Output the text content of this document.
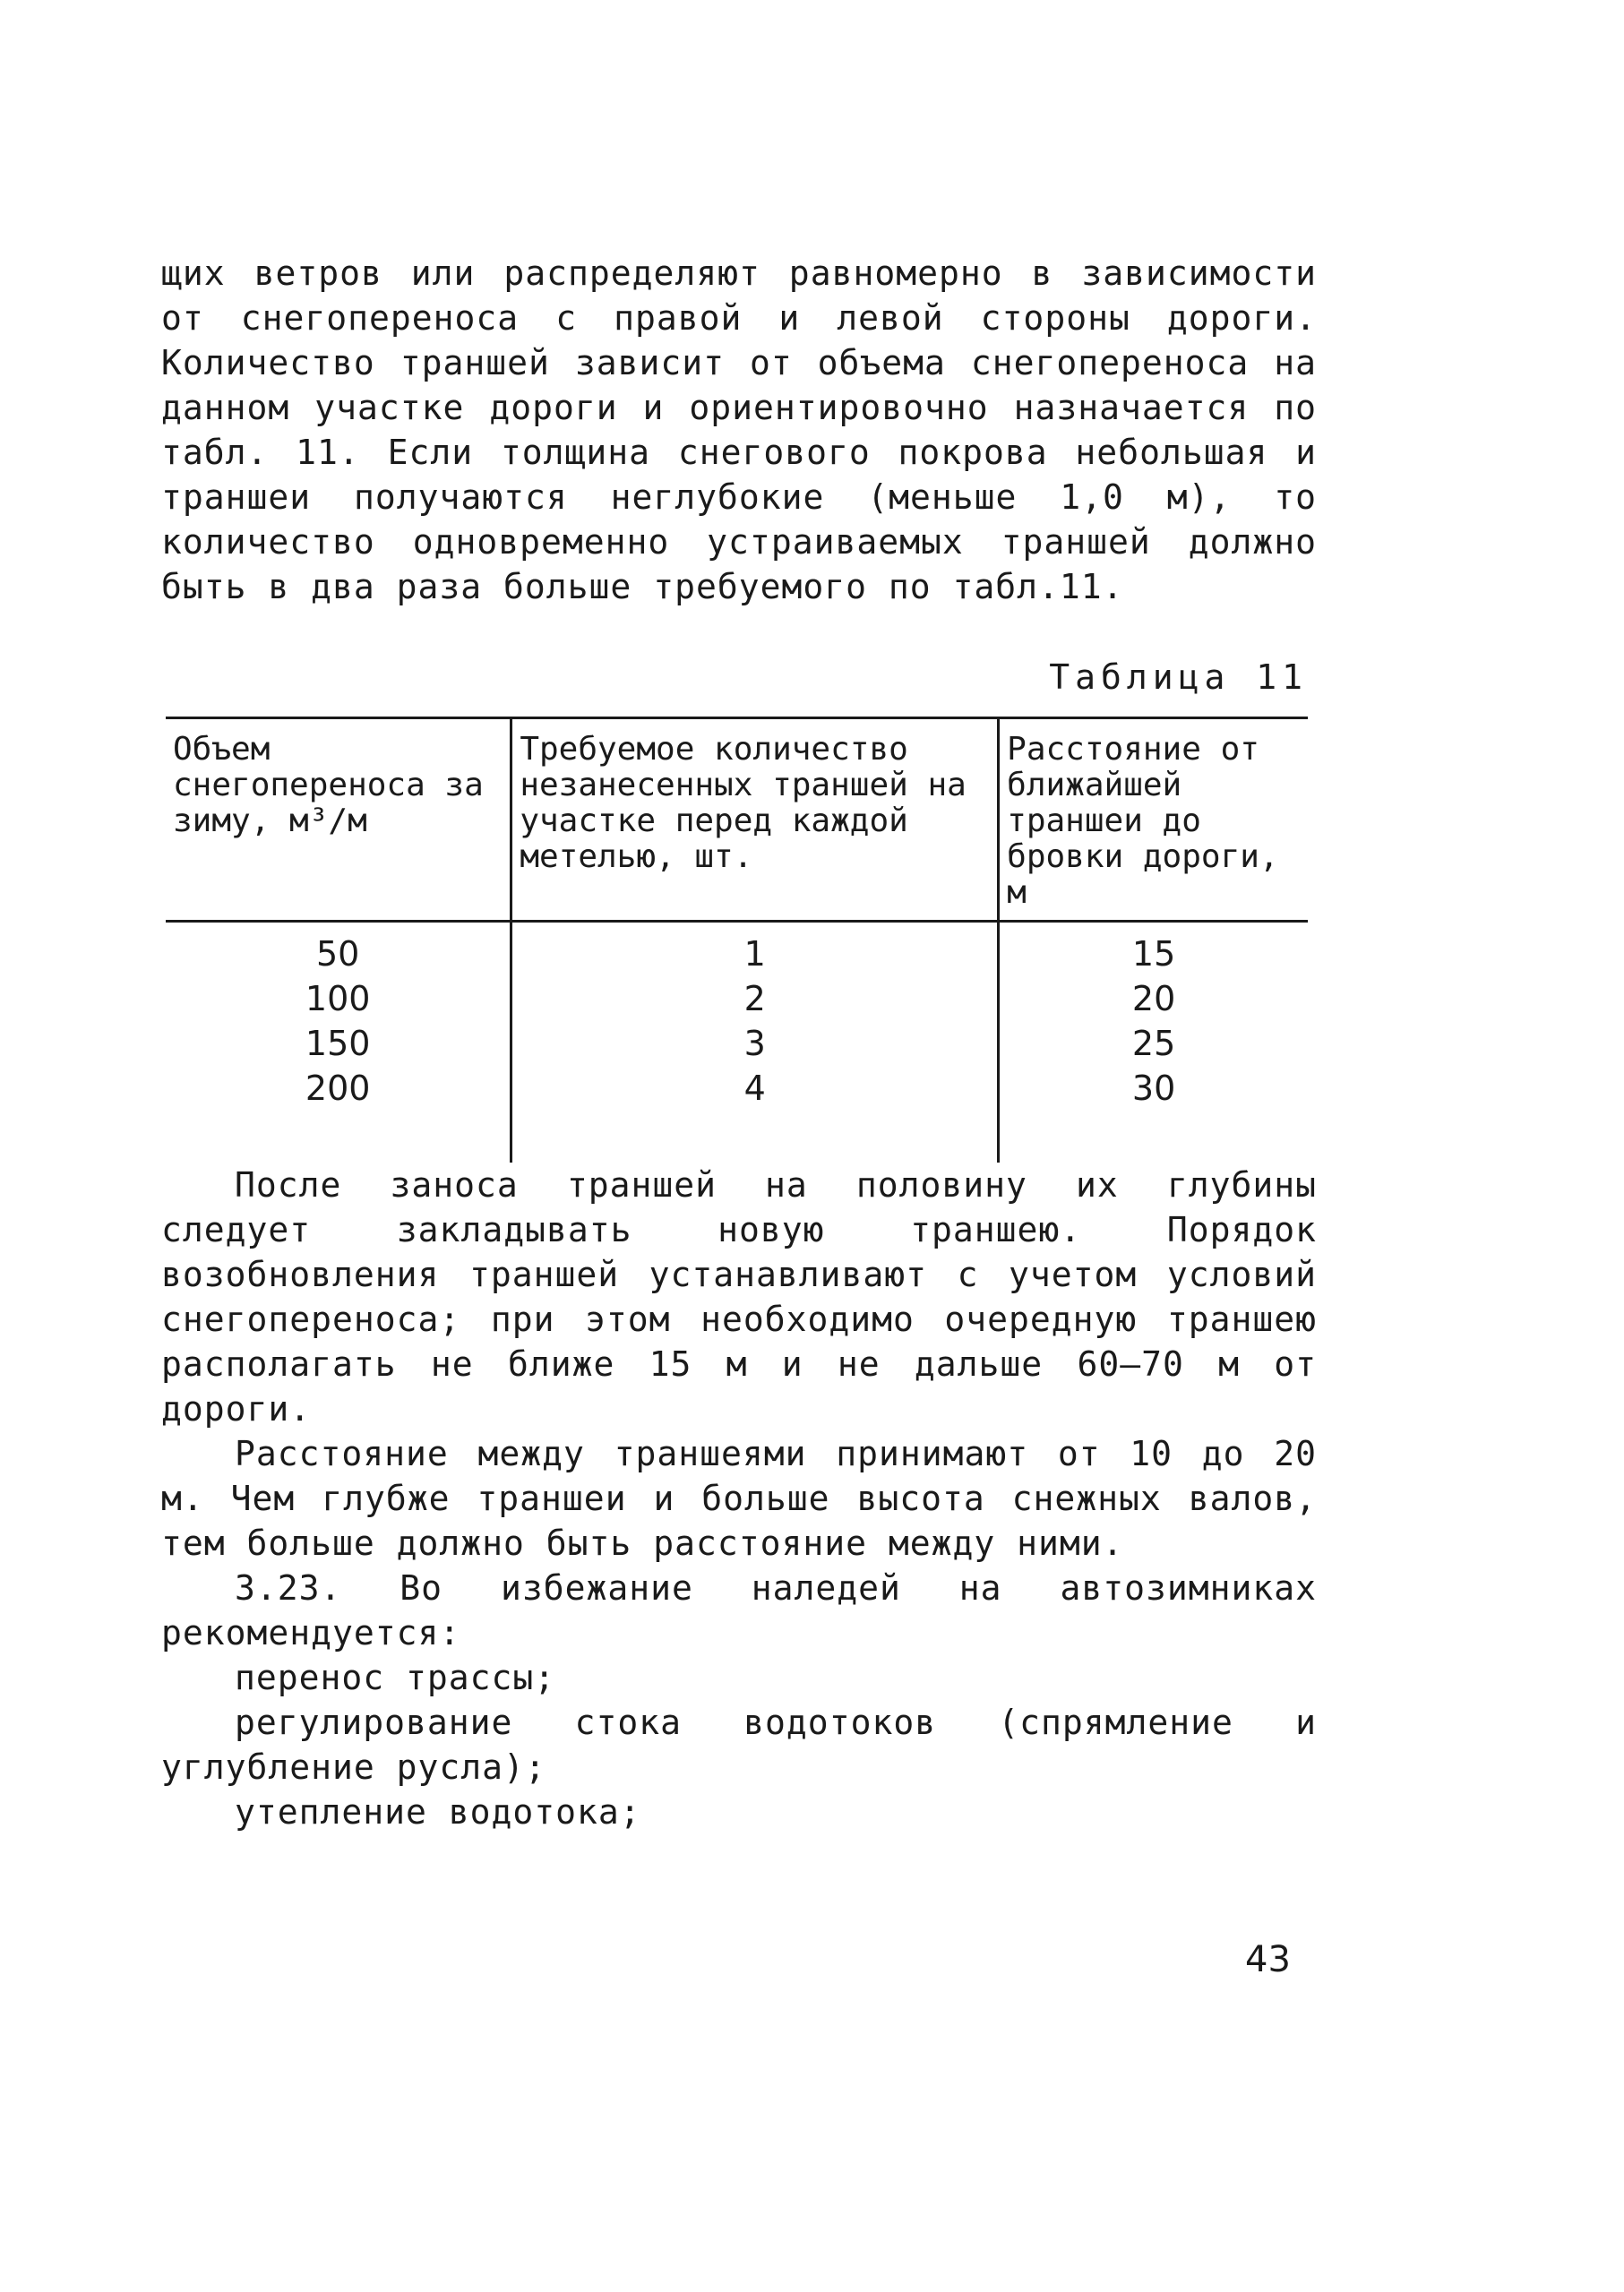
щих ветров или распределяют равномерно в зависимости от снегопереноса с правой и левой стороны дороги. Количество траншей зависит от объема снегопереноса на данном участке дороги и ориентировочно назначается по табл. 11. Если толщина снегового покрова небольшая и траншеи получаются неглубокие (меньше 1,0 м), то количество одновременно устраиваемых траншей должно быть в два раза больше требуемого по табл.11.

Таблица 11
Объем снегопереноса за зиму, м³/м	Требуемое количество незанесенных траншей на участке перед каждой метелью, шт.	Расстояние от ближайшей траншеи до бровки дороги, м
50	1	15
100	2	20
150	3	25
200	4	30

После заноса траншей на половину их глубины следует закладывать новую траншею. Порядок возобновления траншей устанавливают с учетом условий снегопереноса; при этом необходимо очередную траншею располагать не ближе 15 м и не дальше 60–70 м от дороги.

Расстояние между траншеями принимают от 10 до 20 м. Чем глубже траншеи и больше высота снежных валов, тем больше должно быть расстояние между ними.

3.23. Во избежание наледей на автозимниках рекомендуется:

перенос трассы;

регулирование стока водотоков (спрямление и углубление русла);

утепление водотока;

43
